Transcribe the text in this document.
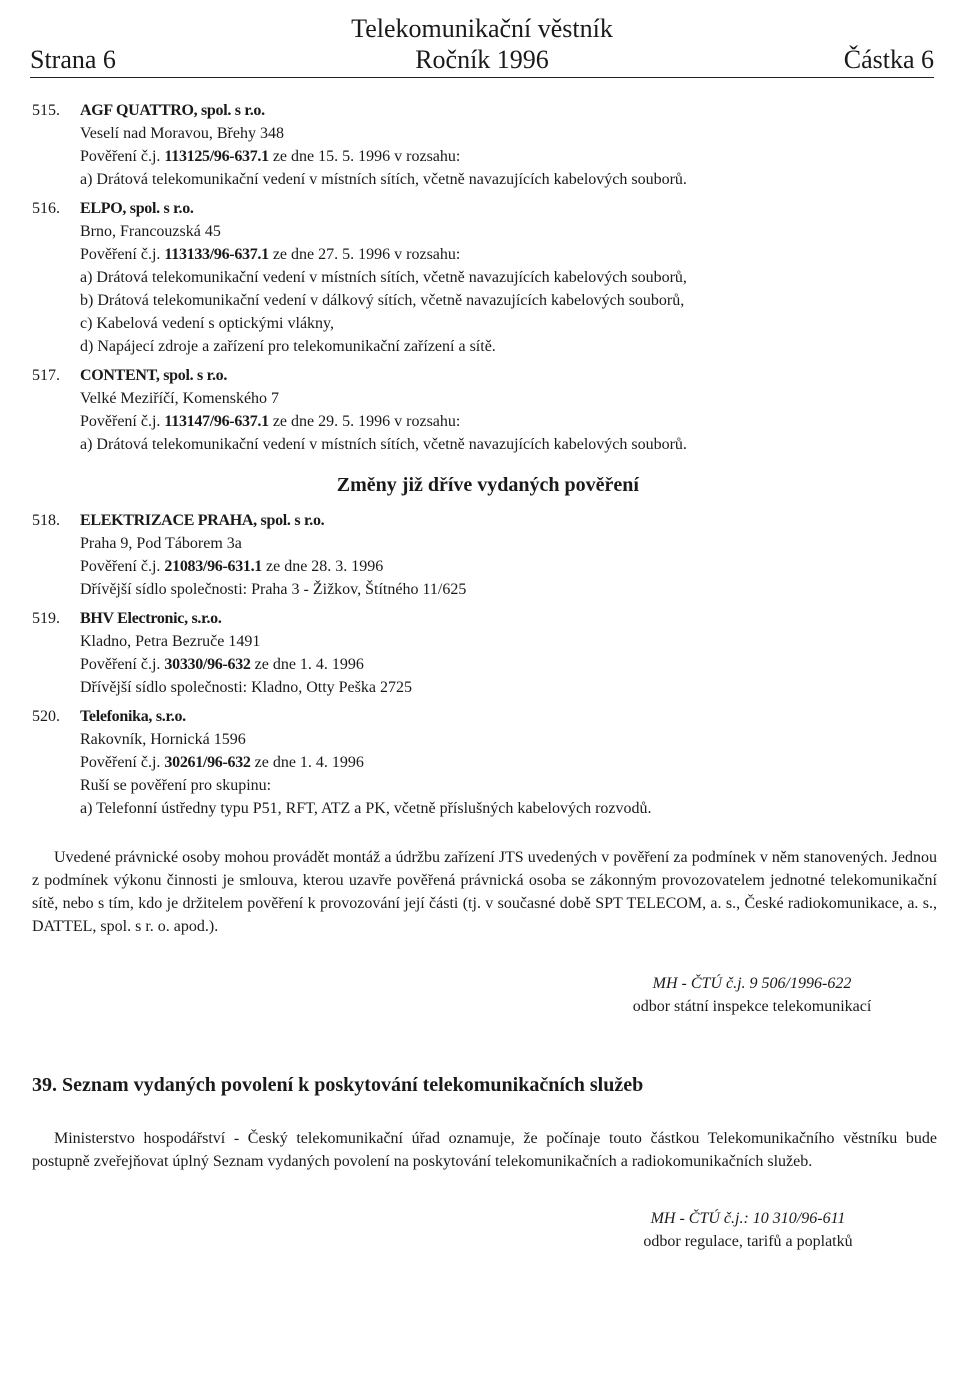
Telekomunikační věstník
Strana 6	Ročník 1996	Částka 6
515. AGF QUATTRO, spol. s r.o.
Veselí nad Moravou, Břehy 348
Pověření č.j. 113125/96-637.1 ze dne 15. 5. 1996 v rozsahu:
a) Drátová telekomunikační vedení v místních sítích, včetně navazujících kabelových souborů.
516. ELPO, spol. s r.o.
Brno, Francouzská 45
Pověření č.j. 113133/96-637.1 ze dne 27. 5. 1996 v rozsahu:
a) Drátová telekomunikační vedení v místních sítích, včetně navazujících kabelových souborů,
b) Drátová telekomunikační vedení v dálkový sítích, včetně navazujících kabelových souborů,
c) Kabelová vedení s optickými vlákny,
d) Napájecí zdroje a zařízení pro telekomunikační zařízení a sítě.
517. CONTENT, spol. s r.o.
Velké Meziříčí, Komenského 7
Pověření č.j. 113147/96-637.1 ze dne 29. 5. 1996 v rozsahu:
a) Drátová telekomunikační vedení v místních sítích, včetně navazujících kabelových souborů.
Změny již dříve vydaných pověření
518. ELEKTRIZACE PRAHA, spol. s r.o.
Praha 9, Pod Táborem 3a
Pověření č.j. 21083/96-631.1 ze dne 28. 3. 1996
Dřívější sídlo společnosti: Praha 3 - Žižkov, Štítného 11/625
519. BHV Electronic, s.r.o.
Kladno, Petra Bezruče 1491
Pověření č.j. 30330/96-632 ze dne 1. 4. 1996
Dřívější sídlo společnosti: Kladno, Otty Peška 2725
520. Telefonika, s.r.o.
Rakovník, Hornická 1596
Pověření č.j. 30261/96-632 ze dne 1. 4. 1996
Ruší se pověření pro skupinu:
a) Telefonní ústředny typu P51, RFT, ATZ a PK, včetně příslušných kabelových rozvodů.
Uvedené právnické osoby mohou provádět montáž a údržbu zařízení JTS uvedených v pověření za podmínek v něm stanovených. Jednou z podmínek výkonu činnosti je smlouva, kterou uzavře pověřená právnická osoba se zákonným provozovatelem jednotné telekomunikační sítě, nebo s tím, kdo je držitelem pověření k provozování její části (tj. v současné době SPT TELECOM, a. s., České radiokomunikace, a. s., DATTEL, spol. s r. o. apod.).
MH - ČTÚ č.j. 9 506/1996-622
odbor státní inspekce telekomunikací
39. Seznam vydaných povolení k poskytování telekomunikačních služeb
Ministerstvo hospodářství - Český telekomunikační úřad oznamuje, že počínaje touto částkou Telekomunikačního věstníku bude postupně zveřejňovat úplný Seznam vydaných povolení na poskytování telekomunikačních a radiokomunikačních služeb.
MH - ČTÚ č.j.: 10 310/96-611
odbor regulace, tarifů a poplatků
